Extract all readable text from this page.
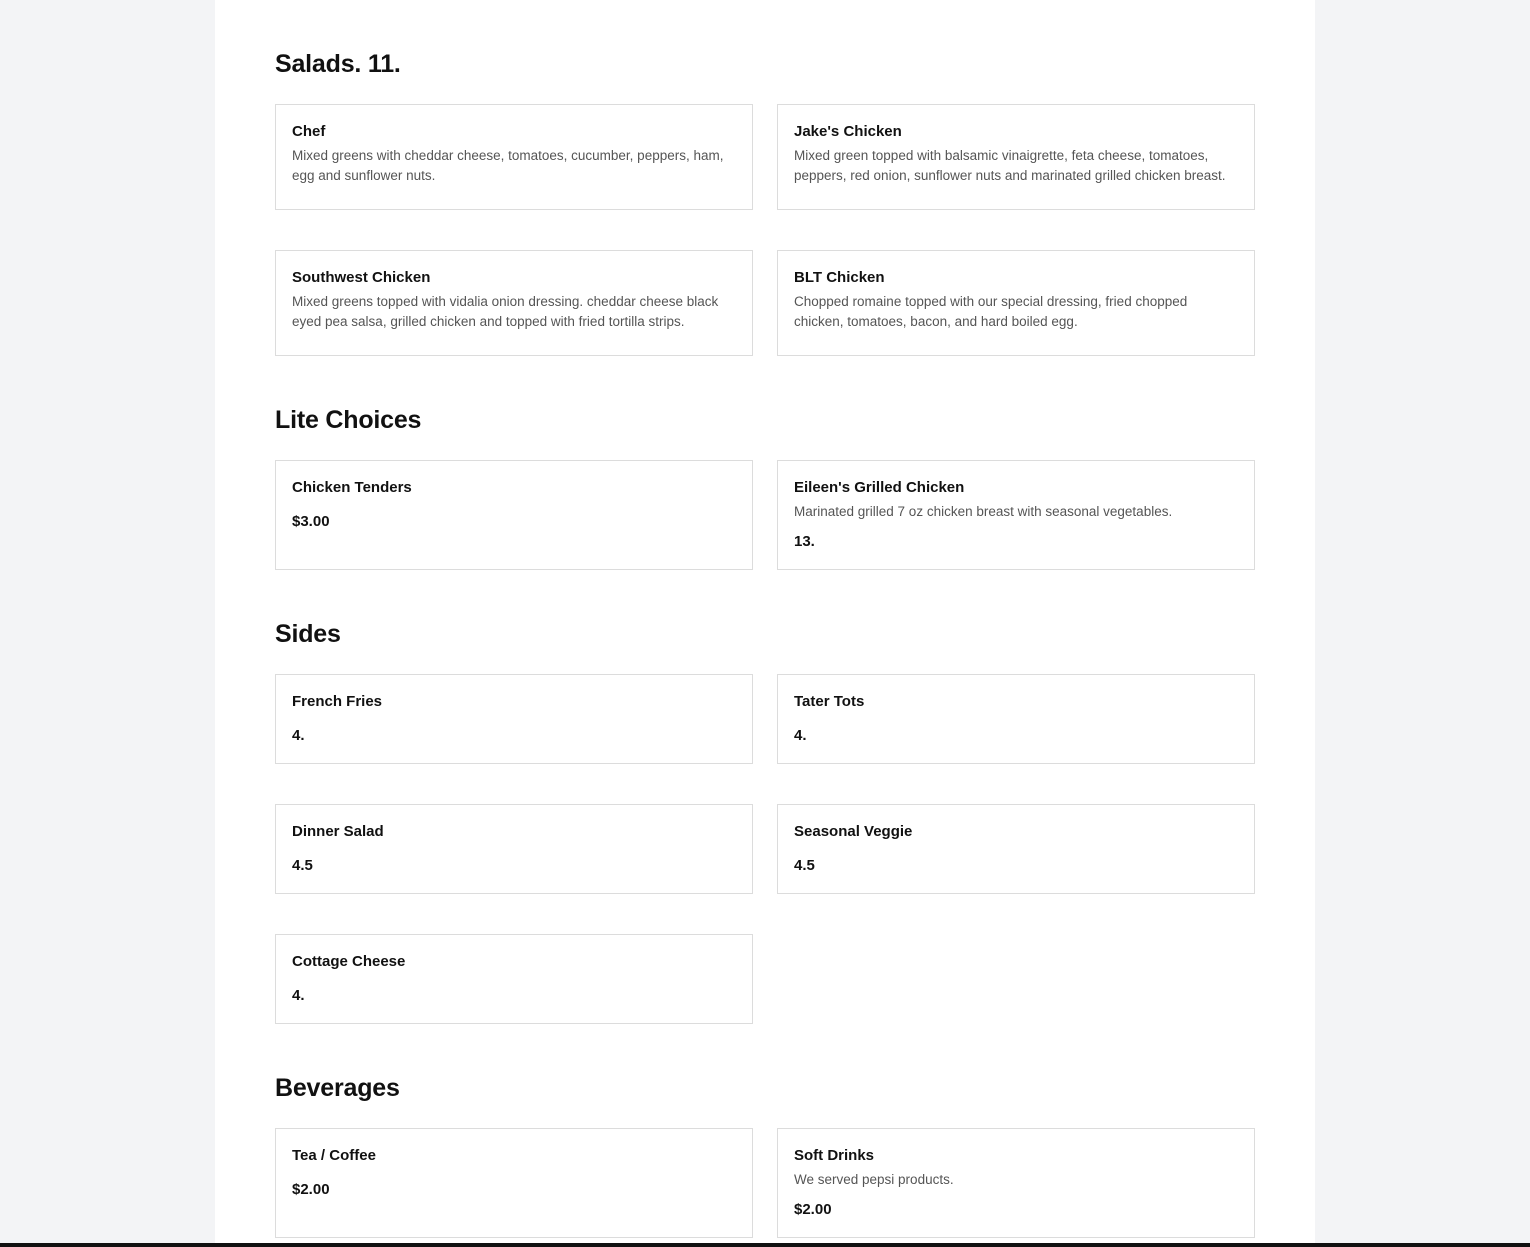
Salads. 11.

Chef

Mixed greens with cheddar cheese, tomatoes, cucumber, peppers, ham, egg and sunflower nuts.

Jake's Chicken

Mixed green topped with balsamic vinaigrette, feta cheese, tomatoes, peppers, red onion, sunflower nuts and marinated grilled chicken breast.

Southwest Chicken

Mixed greens topped with vidalia onion dressing. cheddar cheese black eyed pea salsa, grilled chicken and topped with fried tortilla strips.

BLT Chicken

Chopped romaine topped with our special dressing, fried chopped chicken, tomatoes, bacon, and hard boiled egg.

Lite Choices

Chicken Tenders

$3.00

Eileen's Grilled Chicken

Marinated grilled 7 oz chicken breast with seasonal vegetables.

13.

Sides

French Fries

4.

Tater Tots

4.

Dinner Salad

4.5

Seasonal Veggie

4.5

Cottage Cheese

4.

Beverages

Tea / Coffee

$2.00

Soft Drinks

We served pepsi products.

$2.00
